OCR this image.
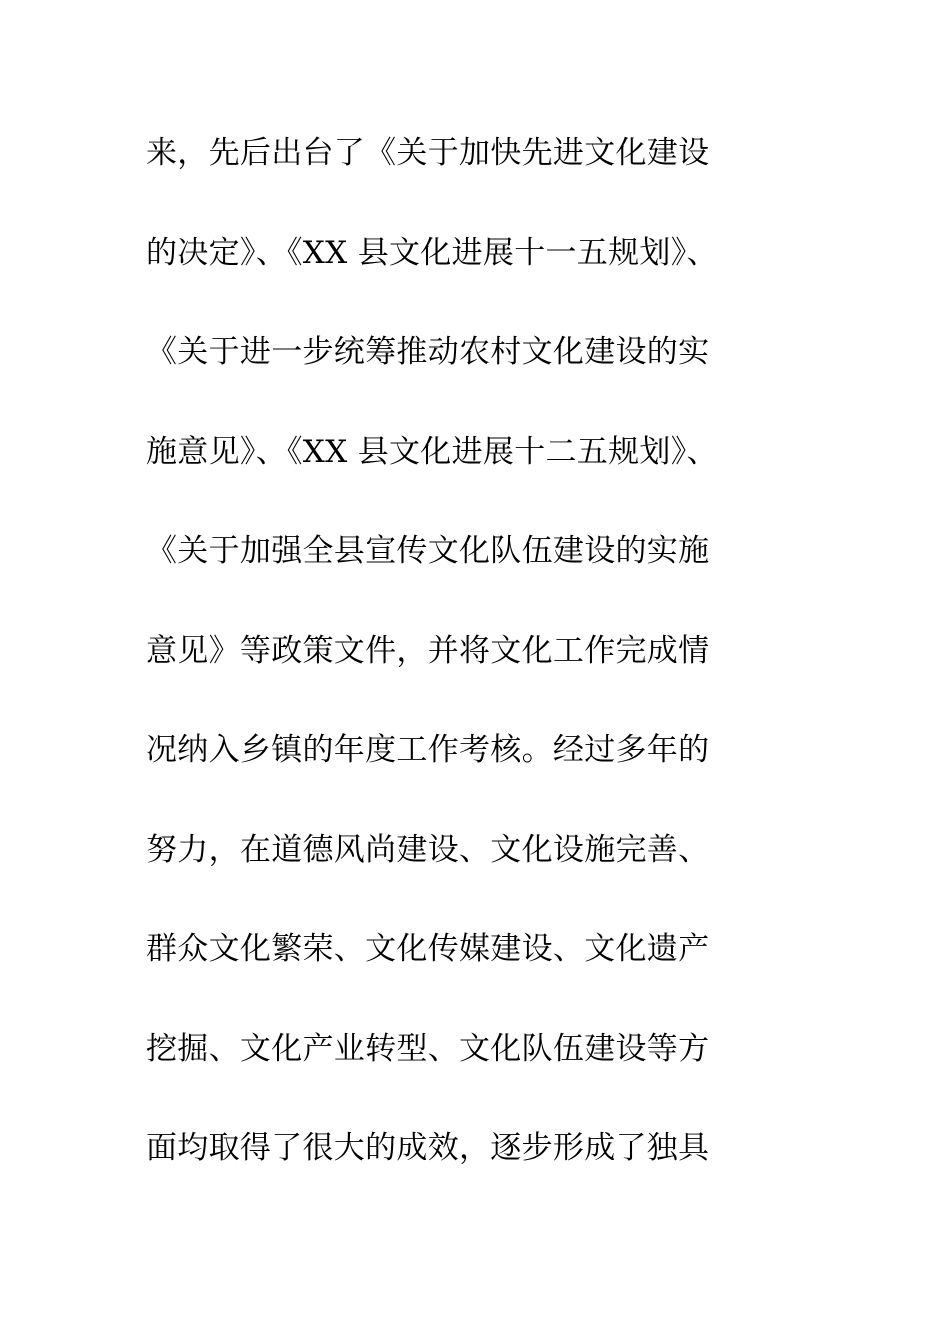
来，先后出台了《关于加快先进文化建设
的决定》、《XX 县文化进展十一五规划》、
《关于进一步统筹推动农村文化建设的实
施意见》、《XX 县文化进展十二五规划》、
《关于加强全县宣传文化队伍建设的实施
意见》等政策文件，并将文化工作完成情
况纳入乡镇的年度工作考核。经过多年的
努力，在道德风尚建设、文化设施完善、
群众文化繁荣、文化传媒建设、文化遗产
挖掘、文化产业转型、文化队伍建设等方
面均取得了很大的成效，逐步形成了独具
